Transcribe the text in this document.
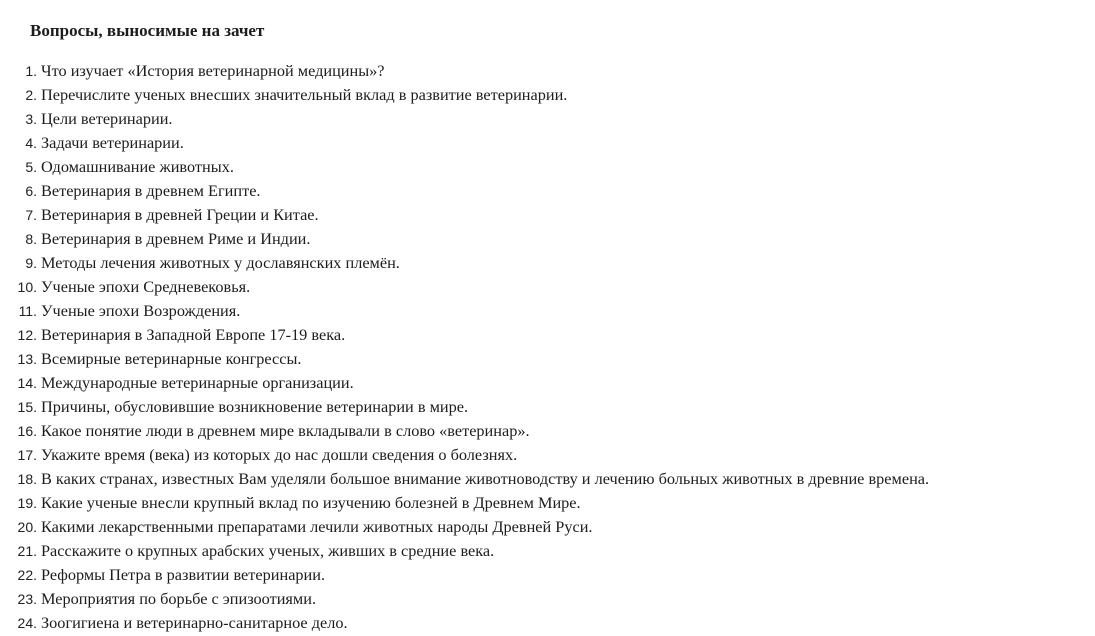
Вопросы, выносимые на зачет
1. Что изучает «История ветеринарной медицины»?
2. Перечислите ученых внесших значительный вклад в развитие ветеринарии.
3. Цели ветеринарии.
4. Задачи ветеринарии.
5. Одомашнивание животных.
6. Ветеринария в древнем Египте.
7. Ветеринария в древней Греции и Китае.
8. Ветеринария в древнем Риме и Индии.
9. Методы лечения животных у дославянских племён.
10. Ученые эпохи Средневековья.
11. Ученые эпохи Возрождения.
12. Ветеринария в Западной Европе 17-19 века.
13. Всемирные ветеринарные конгрессы.
14. Международные ветеринарные организации.
15. Причины, обусловившие возникновение ветеринарии в мире.
16. Какое понятие люди в древнем мире вкладывали в слово «ветеринар».
17. Укажите время (века) из которых до нас дошли сведения о болезнях.
18. В каких странах, известных Вам уделяли большое внимание животноводству и лечению больных животных в древние времена.
19. Какие ученые внесли крупный вклад по изучению болезней в Древнем Мире.
20. Какими лекарственными препаратами лечили животных народы Древней Руси.
21. Расскажите о крупных арабских ученых, живших в средние века.
22. Реформы Петра в развитии ветеринарии.
23. Мероприятия по борьбе с эпизоотиями.
24. Зоогигиена и ветеринарно-санитарное дело.
